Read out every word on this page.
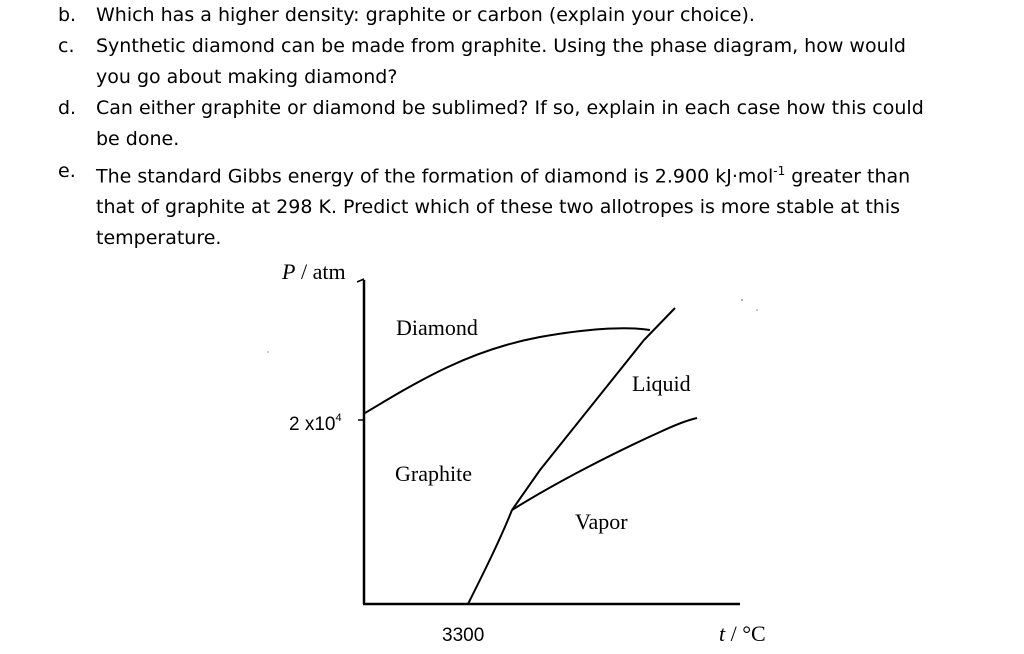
b.	Which has a higher density: graphite or carbon (explain your choice).
c.	Synthetic diamond can be made from graphite. Using the phase diagram, how would
you go about making diamond?
d.	Can either graphite or diamond be sublimed? If so, explain in each case how this could
be done.
e.	The standard Gibbs energy of the formation of diamond is 2.900 kJ·mol$^{-1}$ greater than
that of graphite at 298 K. Predict which of these two allotropes is more stable at this
temperature.
P / atm
Diamond
Liquid
Graphite
Vapor
2 $x10^4$
3300	t / °C
